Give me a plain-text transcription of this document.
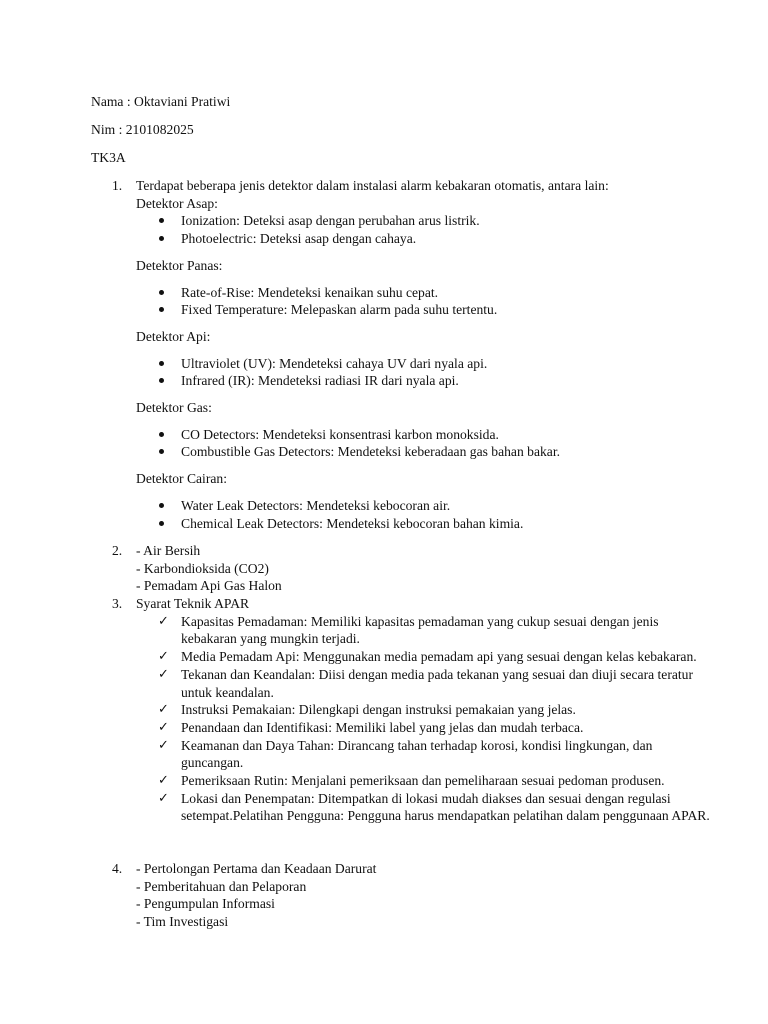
Nama : Oktaviani Pratiwi
Nim : 2101082025
TK3A
1.	Terdapat beberapa jenis detektor dalam instalasi alarm kebakaran otomatis, antara lain:
Detektor Asap:
Ionization: Deteksi asap dengan perubahan arus listrik.
Photoelectric: Deteksi asap dengan cahaya.
Detektor Panas:
Rate-of-Rise: Mendeteksi kenaikan suhu cepat.
Fixed Temperature: Melepaskan alarm pada suhu tertentu.
Detektor Api:
Ultraviolet (UV): Mendeteksi cahaya UV dari nyala api.
Infrared (IR): Mendeteksi radiasi IR dari nyala api.
Detektor Gas:
CO Detectors: Mendeteksi konsentrasi karbon monoksida.
Combustible Gas Detectors: Mendeteksi keberadaan gas bahan bakar.
Detektor Cairan:
Water Leak Detectors: Mendeteksi kebocoran air.
Chemical Leak Detectors: Mendeteksi kebocoran bahan kimia.
2.	- Air Bersih
- Karbondioksida (CO2)
- Pemadam Api Gas Halon
3.	Syarat Teknik APAR
✓ Kapasitas Pemadaman: Memiliki kapasitas pemadaman yang cukup sesuai dengan jenis kebakaran yang mungkin terjadi.
✓ Media Pemadam Api: Menggunakan media pemadam api yang sesuai dengan kelas kebakaran.
✓ Tekanan dan Keandalan: Diisi dengan media pada tekanan yang sesuai dan diuji secara teratur untuk keandalan.
✓ Instruksi Pemakaian: Dilengkapi dengan instruksi pemakaian yang jelas.
✓ Penandaan dan Identifikasi: Memiliki label yang jelas dan mudah terbaca.
✓ Keamanan dan Daya Tahan: Dirancang tahan terhadap korosi, kondisi lingkungan, dan guncangan.
✓ Pemeriksaan Rutin: Menjalani pemeriksaan dan pemeliharaan sesuai pedoman produsen.
✓ Lokasi dan Penempatan: Ditempatkan di lokasi mudah diakses dan sesuai dengan regulasi setempat.Pelatihan Pengguna: Pengguna harus mendapatkan pelatihan dalam penggunaan APAR.
4.	- Pertolongan Pertama dan Keadaan Darurat
- Pemberitahuan dan Pelaporan
- Pengumpulan Informasi
- Tim Investigasi
